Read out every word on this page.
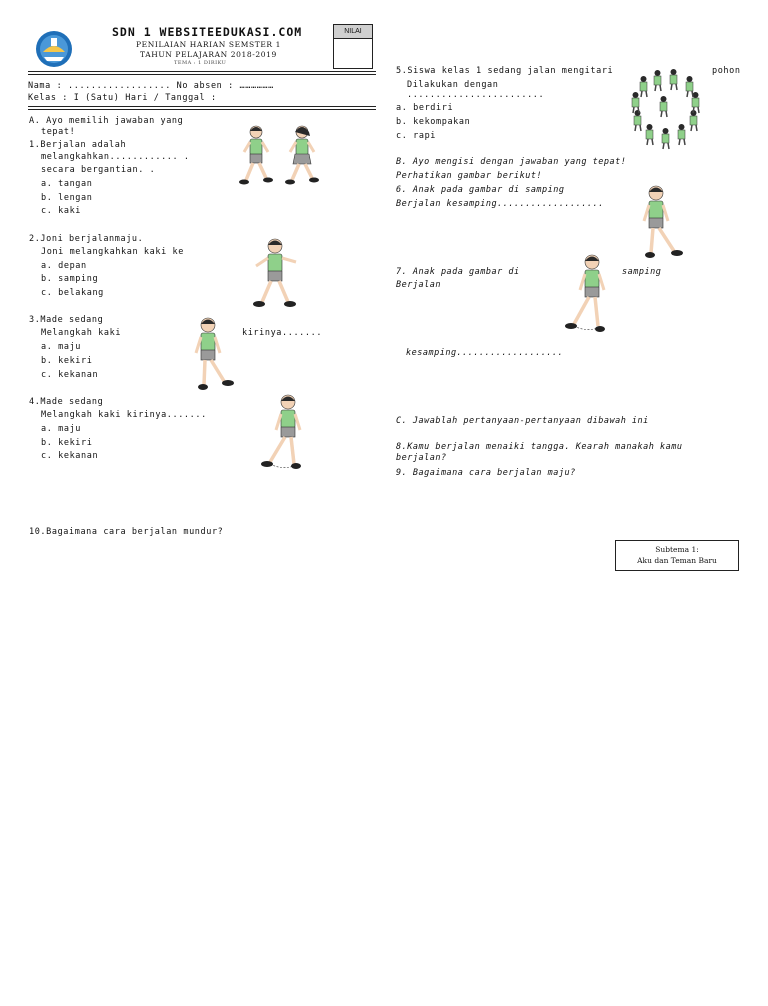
SDN 1 WEBSITEEDUKASI.COM
PENILAIAN HARIAN SEMSTER 1
TAHUN PELAJARAN 2018-2019
TEMA : 1 DIRIKU
NILAI
Nama : .................. No absen : ………………
Kelas : I (Satu) Hari / Tanggal :
A. Ayo memilih jawaban yang
tepat!
1.Berjalan adalah
melangkahkan............ .
secara bergantian. .
a. tangan
b. lengan
c. kaki
2.Joni berjalanmaju.
Joni melangkahkan kaki ke
a. depan
b. samping
c. belakang
3.Made sedang
Melangkah kaki	kirinya.......
a. maju
b. kekiri
c. kekanan
4.Made sedang
Melangkah kaki kirinya.......
a. maju
b. kekiri
c. kekanan
10.Bagaimana cara berjalan mundur?
5.Siswa kelas 1 sedang jalan mengitari	pohon
Dilakukan dengan
........................
a. berdiri
b. kekompakan
c. rapi
B. Ayo mengisi dengan jawaban yang tepat!
Perhatikan gambar berikut!
6. Anak pada gambar di samping
Berjalan kesamping...................
7. Anak pada gambar di	samping
Berjalan
kesamping...................
C. Jawablah pertanyaan-pertanyaan dibawah ini
8.Kamu berjalan menaiki tangga. Kearah manakah kamu
berjalan?
9. Bagaimana cara berjalan maju?
Subtema 1:
Aku dan Teman Baru
